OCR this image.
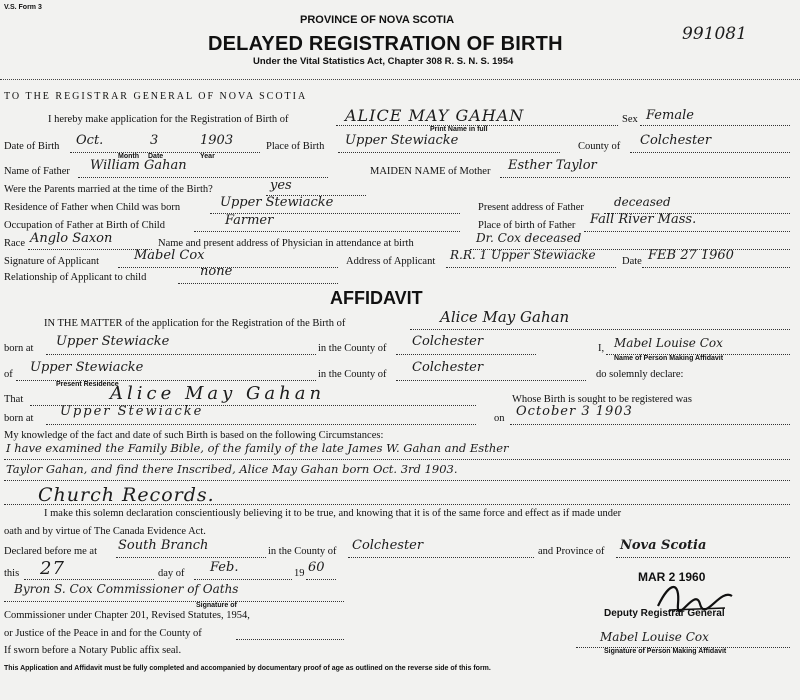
V.S. Form 3
PROVINCE OF NOVA SCOTIA
DELAYED REGISTRATION OF BIRTH
Under the Vital Statistics Act, Chapter 308 R. S. N. S. 1954
991081
TO THE REGISTRAR GENERAL OF NOVA SCOTIA
I hereby make application for the Registration of Birth of	ALICE MAY GAHAN
Print Name in full
Sex Female
Date of Birth Oct.	3	1903
Month Date	Year
Place of Birth Upper Stewiacke	County of Colchester
Name of Father William Gahan	MAIDEN NAME of Mother Esther Taylor
Were the Parents married at the time of the Birth?	yes
Residence of Father when Child was born	Upper Stewiacke	Present address of Father	deceased
Occupation of Father at Birth of Child	Farmer	Place of birth of Father Fall River Mass.
Race Anglo Saxon	Name and present address of Physician in attendance at birth	Dr. Cox deceased
Signature of Applicant	Mabel Cox	Address of Applicant R.R. 1 Upper Stewiacke	Date FEB 27 1960
Relationship of Applicant to child	none
AFFIDAVIT
IN THE MATTER of the application for the Registration of the Birth of	Alice May Gahan
born at Upper Stewiacke	in the County of Colchester	I, Mabel Louise Cox
Name of Person Making Affidavit
of Upper Stewiacke
Present Residence
in the County of Colchester	do solemnly declare:
That	Alice May Gahan	Whose Birth is sought to be registered was
born at Upper Stewiacke	on October 3 1903
My knowledge of the fact and date of such Birth is based on the following Circumstances:
I have examined the Family Bible, of the family of the late James W. Gahan and Esther
Taylor Gahan, and find there Inscribed, Alice May Gahan born Oct. 3rd 1903.
Church Records.
I make this solemn declaration conscientiously believing it to be true, and knowing that it is of the same force and effect as if made under
oath and by virtue of The Canada Evidence Act.
Declared before me at South Branch	in the County of Colchester	and Province of Nova Scotia
this 27	day of Feb.	19 60
Byron S. Cox Commissioner of Oaths
Signature of
Commissioner under Chapter 201, Revised Statutes, 1954,
or Justice of the Peace in and for the County of
If sworn before a Notary Public affix seal.
MAR 2 1960
Deputy Registrar General
Mabel Louise Cox
Signature of Person Making Affidavit
This Application and Affidavit must be fully completed and accompanied by documentary proof of age as outlined on the reverse side of this form.
